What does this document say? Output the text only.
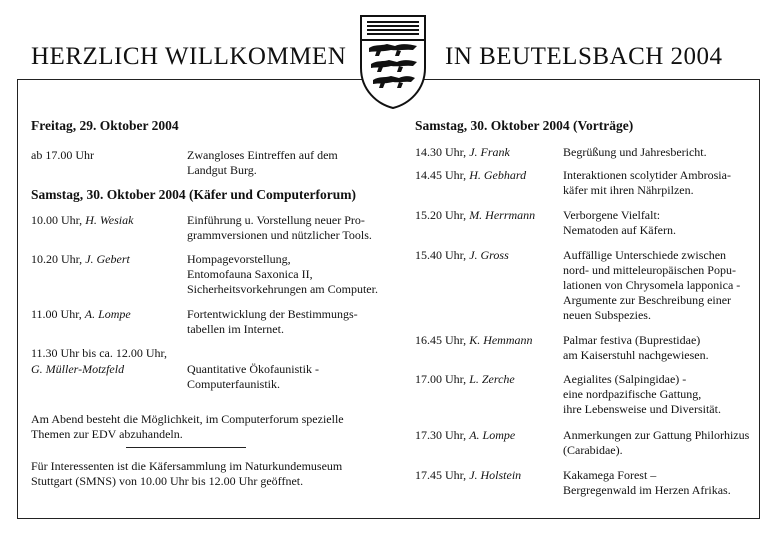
HERZLICH WILLKOMMEN	IN BEUTELSBACH 2004
Freitag, 29. Oktober 2004
ab 17.00 Uhr	Zwangloses Eintreffen auf dem
Landgut Burg.
Samstag, 30. Oktober 2004 (Käfer und Computerforum)
10.00 Uhr, H. Wesiak	Einführung u. Vorstellung neuer Pro-
grammversionen und nützlicher Tools.
10.20 Uhr, J. Gebert	Hompagevorstellung,
Entomofauna Saxonica II,
Sicherheitsvorkehrungen am Computer.
11.00 Uhr, A. Lompe	Fortentwicklung der Bestimmungs-
tabellen im Internet.
11.30 Uhr bis ca. 12.00 Uhr,
G. Müller-Motzfeld	Quantitative Ökofaunistik -
Computerfaunistik.
Am Abend besteht die Möglichkeit, im Computerforum spezielle
Themen zur EDV abzuhandeln.
Für Interessenten ist die Käfersammlung im Naturkundemuseum
Stuttgart (SMNS) von 10.00 Uhr bis 12.00 Uhr geöffnet.
Samstag, 30. Oktober 2004 (Vorträge)
14.30 Uhr, J. Frank	Begrüßung und Jahresbericht.
14.45 Uhr, H. Gebhard	Interaktionen scolytider Ambrosia-
käfer mit ihren Nährpilzen.
15.20 Uhr, M. Herrmann Verborgene Vielfalt:
Nematoden auf Käfern.
15.40 Uhr, J. Gross	Auffällige Unterschiede zwischen
nord- und mitteleuropäischen Popu-
lationen von Chrysomela lapponica -
Argumente zur Beschreibung einer
neuen Subspezies.
16.45 Uhr, K. Hemmann	Palmar festiva (Buprestidae)
am Kaiserstuhl nachgewiesen.
17.00 Uhr, L. Zerche	Aegialites (Salpingidae) -
eine nordpazifische Gattung,
ihre Lebensweise und Diversität.
17.30 Uhr, A. Lompe	Anmerkungen zur Gattung Philorhizus
(Carabidae).
17.45 Uhr, J. Holstein	Kakamega Forest –
Bergregenwald im Herzen Afrikas.
